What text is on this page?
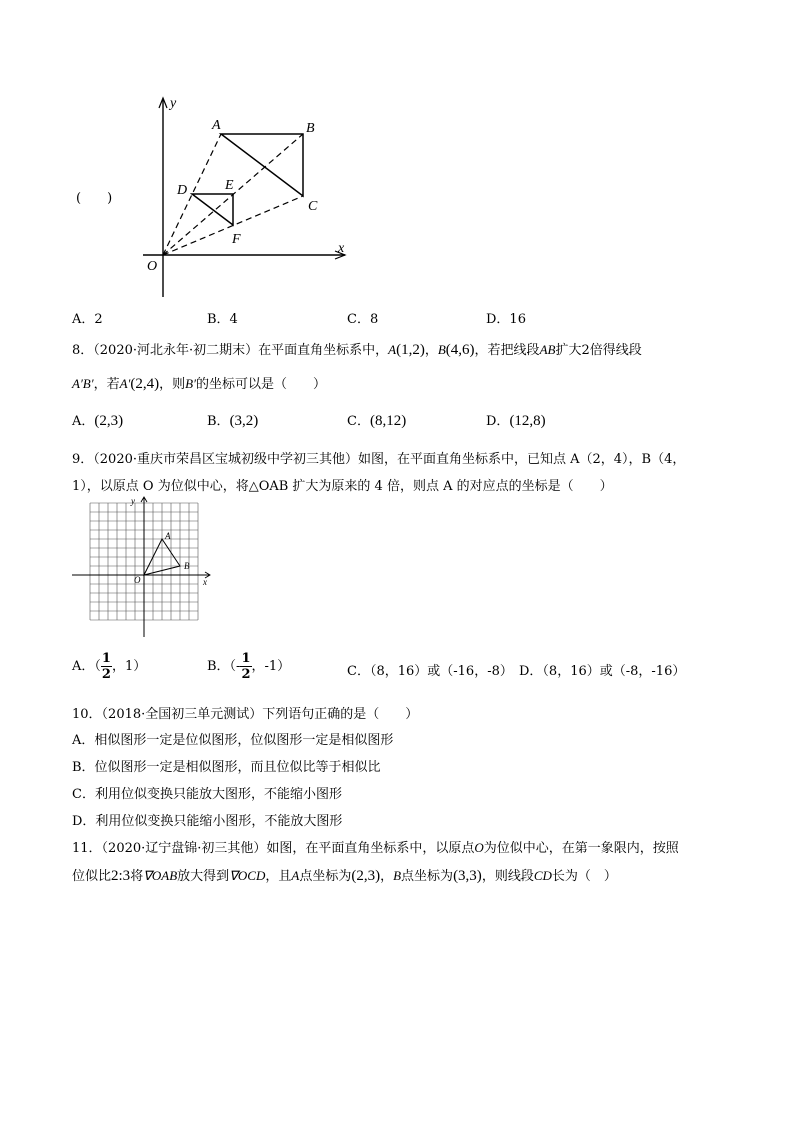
(　　)
y
x
O
A	B
C
D	E
F
A．2	B．4	C．8	D．16
8．（2020·河北永年·初二期末）在平面直角坐标系中，A(1,2)，B(4,6)，若把线段AB扩大2倍得线段
A′B′，若A′(2,4)，则B′的坐标可以是（　　）
A．(2,3)	B．(3,2)	C．(8,12)	D．(12,8)
9．（2020·重庆市荣昌区宝城初级中学初三其他）如图，在平面直角坐标系中，已知点 A（2，4），B（4，
1），以原点 O 为位似中心，将△OAB 扩大为原来的 4 倍，则点 A 的对应点的坐标是（　　）
y
x
O
A
B
A．（ $\frac{1}{2}$ ，1）	B．（- $\frac{1}{2}$ ，-1）	C．（8，16）或（-16，-8） D．（8，16）或（-8，-16）
10．（2018·全国初三单元测试）下列语句正确的是（　　）
A．相似图形一定是位似图形，位似图形一定是相似图形
B．位似图形一定是相似图形，而且位似比等于相似比
C．利用位似变换只能放大图形，不能缩小图形
D．利用位似变换只能缩小图形，不能放大图形
11．（2020·辽宁盘锦·初三其他）如图，在平面直角坐标系中，以原点O为位似中心，在第一象限内，按照
位似比2:3将∇OAB放大得到∇OCD，且A点坐标为(2,3)，B点坐标为(3,3)，则线段CD长为（　）
